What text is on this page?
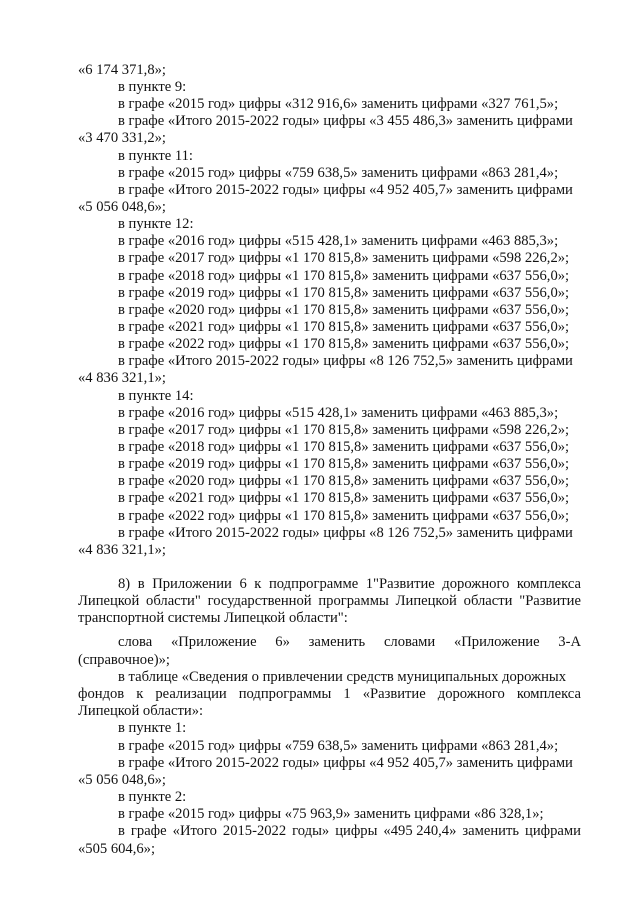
«6 174 371,8»;
в пункте 9:
в графе «2015 год» цифры «312 916,6» заменить цифрами «327 761,5»;
в графе «Итого 2015-2022 годы» цифры «3 455 486,3» заменить цифрами
«3 470 331,2»;
в пункте 11:
в графе «2015 год» цифры «759 638,5» заменить цифрами «863 281,4»;
в графе «Итого 2015-2022 годы» цифры «4 952 405,7» заменить цифрами
«5 056 048,6»;
в пункте 12:
в графе «2016 год» цифры «515 428,1» заменить цифрами «463 885,3»;
в графе «2017 год» цифры «1 170 815,8» заменить цифрами «598 226,2»;
в графе «2018 год» цифры «1 170 815,8» заменить цифрами «637 556,0»;
в графе «2019 год» цифры «1 170 815,8» заменить цифрами «637 556,0»;
в графе «2020 год» цифры «1 170 815,8» заменить цифрами «637 556,0»;
в графе «2021 год» цифры «1 170 815,8» заменить цифрами «637 556,0»;
в графе «2022 год» цифры «1 170 815,8» заменить цифрами «637 556,0»;
в графе «Итого 2015-2022 годы» цифры «8 126 752,5» заменить цифрами
«4 836 321,1»;
в пункте 14:
в графе «2016 год» цифры «515 428,1» заменить цифрами «463 885,3»;
в графе «2017 год» цифры «1 170 815,8» заменить цифрами «598 226,2»;
в графе «2018 год» цифры «1 170 815,8» заменить цифрами «637 556,0»;
в графе «2019 год» цифры «1 170 815,8» заменить цифрами «637 556,0»;
в графе «2020 год» цифры «1 170 815,8» заменить цифрами «637 556,0»;
в графе «2021 год» цифры «1 170 815,8» заменить цифрами «637 556,0»;
в графе «2022 год» цифры «1 170 815,8» заменить цифрами «637 556,0»;
в графе «Итого 2015-2022 годы» цифры «8 126 752,5» заменить цифрами
«4 836 321,1»;
8) в Приложении 6 к подпрограмме 1"Развитие дорожного комплекса
Липецкой области" государственной программы Липецкой области "Развитие
транспортной системы Липецкой области":
слова «Приложение 6» заменить словами «Приложение 3-А
(справочное)»;
в таблице «Сведения о привлечении средств муниципальных дорожных
фондов к реализации подпрограммы 1 «Развитие дорожного комплекса
Липецкой области»:
в пункте 1:
в графе «2015 год» цифры «759 638,5» заменить цифрами «863 281,4»;
в графе «Итого 2015-2022 годы» цифры «4 952 405,7» заменить цифрами
«5 056 048,6»;
в пункте 2:
в графе «2015 год» цифры «75 963,9» заменить цифрами «86 328,1»;
в графе «Итого 2015-2022 годы» цифры «495 240,4» заменить цифрами
«505 604,6»;
